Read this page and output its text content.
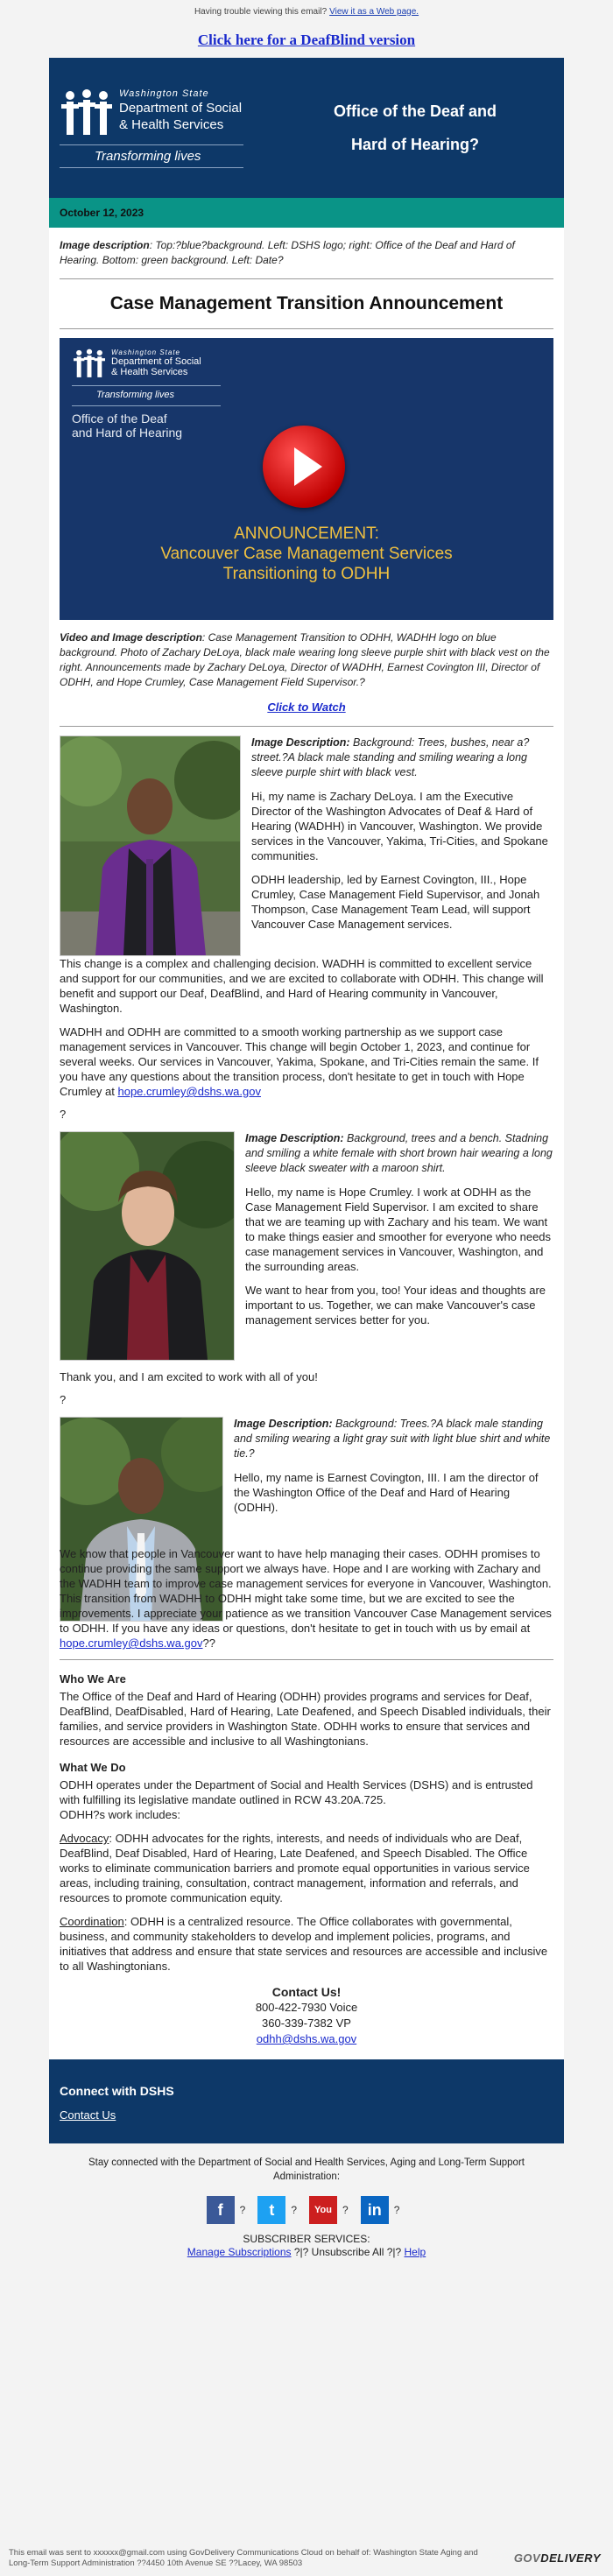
Having trouble viewing this email? View it as a Web page.
Click here for a DeafBlind version
Washington State
Department of Social
& Health Services
Transforming lives
Office of the Deaf and
Hard of Hearing?
October 12, 2023
Image description: Top:?blue?background. Left: DSHS logo; right: Office of the Deaf and Hard of Hearing. Bottom: green background. Left: Date?
Case Management Transition Announcement
Washington State
Department of Social
& Health Services
Transforming lives
Office of the Deaf
and Hard of Hearing
ANNOUNCEMENT:
Vancouver Case Management Services
Transitioning to ODHH
Video and Image description: Case Management Transition to ODHH, WADHH logo on blue background. Photo of Zachary DeLoya, black male wearing long sleeve purple shirt with black vest on the right. Announcements made by Zachary DeLoya, Director of WADHH, Earnest Covington III, Director of ODHH, and Hope Crumley, Case Management Field Supervisor.?
Click to Watch

Image Description: Background: Trees, bushes, near a? street.?A black male standing and smiling wearing a long sleeve purple shirt with black vest.

Hi, my name is Zachary DeLoya. I am the Executive Director of the Washington Advocates of Deaf & Hard of Hearing (WADHH) in Vancouver, Washington. We provide services in the Vancouver, Yakima, Tri-Cities, and Spokane communities.

ODHH leadership, led by Earnest Covington, III., Hope Crumley, Case Management Field Supervisor, and Jonah Thompson, Case Management Team Lead, will support Vancouver Case Management services.

This change is a complex and challenging decision. WADHH is committed to excellent service and support for our communities, and we are excited to collaborate with ODHH. This change will benefit and support our Deaf, DeafBlind, and Hard of Hearing community in Vancouver, Washington.

WADHH and ODHH are committed to a smooth working partnership as we support case management services in Vancouver. This change will begin October 1, 2023, and continue for several weeks. Our services in Vancouver, Yakima, Spokane, and Tri-Cities remain the same. If you have any questions about the transition process, don't hesitate to get in touch with Hope Crumley at hope.crumley@dshs.wa.gov

?

Image Description: Background, trees and a bench. Stadning and smiling a white female with short brown hair wearing a long sleeve black sweater with a maroon shirt.

Hello, my name is Hope Crumley. I work at ODHH as the Case Management Field Supervisor. I am excited to share that we are teaming up with Zachary and his team. We want to make things easier and smoother for everyone who needs case management services in Vancouver, Washington, and the surrounding areas.

We want to hear from you, too! Your ideas and thoughts are important to us. Together, we can make Vancouver's case management services better for you.

Thank you, and I am excited to work with all of you!

?

Image Description: Background: Trees.?A black male standing and smiling wearing a light gray suit with light blue shirt and white tie.?

Hello, my name is Earnest Covington, III. I am the director of the Washington Office of the Deaf and Hard of Hearing (ODHH).

We know that people in Vancouver want to have help managing their cases. ODHH promises to continue providing the same support we always have. Hope and I are working with Zachary and the WADHH team to improve case management services for everyone in Vancouver, Washington. This transition from WADHH to ODHH might take some time, but we are excited to see the improvements. I appreciate your patience as we transition Vancouver Case Management services to ODHH. If you have any ideas or questions, don't hesitate to get in touch with us by email at hope.crumley@dshs.wa.gov??

Who We Are

The Office of the Deaf and Hard of Hearing (ODHH) provides programs and services for Deaf, DeafBlind, DeafDisabled, Hard of Hearing, Late Deafened, and Speech Disabled individuals, their families, and service providers in Washington State. ODHH works to ensure that services and resources are accessible and inclusive to all Washingtonians.

What We Do

ODHH operates under the Department of Social and Health Services (DSHS) and is entrusted with fulfilling its legislative mandate outlined in RCW 43.20A.725.

ODHH?s work includes:

Advocacy: ODHH advocates for the rights, interests, and needs of individuals who are Deaf, DeafBlind, Deaf Disabled, Hard of Hearing, Late Deafened, and Speech Disabled. The Office works to eliminate communication barriers and promote equal opportunities in various service areas, including training, consultation, contract management, information and referrals, and resources to promote communication equity.

Coordination: ODHH is a centralized resource. The Office collaborates with governmental, business, and community stakeholders to develop and implement policies, programs, and initiatives that address and ensure that state services and resources are accessible and inclusive to all Washingtonians.

Contact Us!
800-422-7930 Voice
360-339-7382 VP
odhh@dshs.wa.gov
Connect with DSHS
Contact Us
Stay connected with the Department of Social and Health Services, Aging and Long-Term Support Administration:
f	?	t	?	You	?	in	?
SUBSCRIBER SERVICES:
Manage Subscriptions ?|? Unsubscribe All ?|? Help
This email was sent to xxxxxx@gmail.com using GovDelivery Communications Cloud on behalf of: Washington State Aging and Long-Term Support Administration ??4450 10th Avenue SE ??Lacey, WA 98503	GOVDELIVERY
